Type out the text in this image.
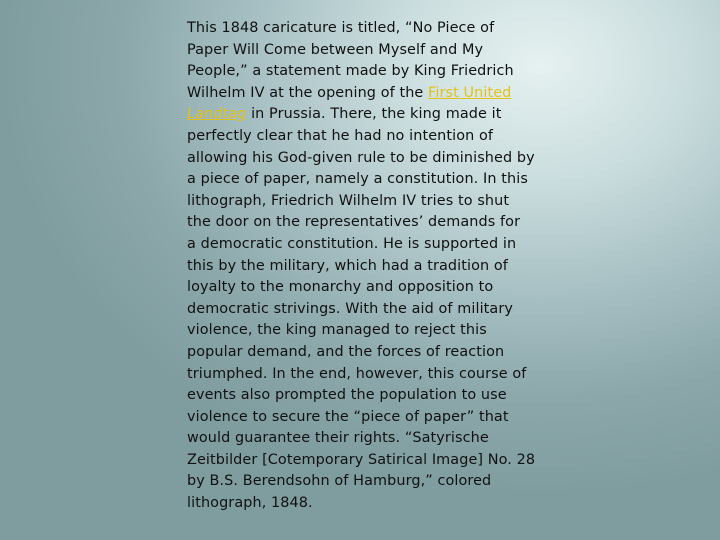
This 1848 caricature is titled, “No Piece of
Paper Will Come between Myself and My
People,” a statement made by King Friedrich
Wilhelm IV at the opening of the First United
Landtag in Prussia. There, the king made it
perfectly clear that he had no intention of
allowing his God-given rule to be diminished by
a piece of paper, namely a constitution. In this
lithograph, Friedrich Wilhelm IV tries to shut
the door on the representatives’ demands for
a democratic constitution. He is supported in
this by the military, which had a tradition of
loyalty to the monarchy and opposition to
democratic strivings. With the aid of military
violence, the king managed to reject this
popular demand, and the forces of reaction
triumphed. In the end, however, this course of
events also prompted the population to use
violence to secure the “piece of paper” that
would guarantee their rights. “Satyrische
Zeitbilder [Cotemporary Satirical Image] No. 28
by B.S. Berendsohn of Hamburg,” colored
lithograph, 1848.
